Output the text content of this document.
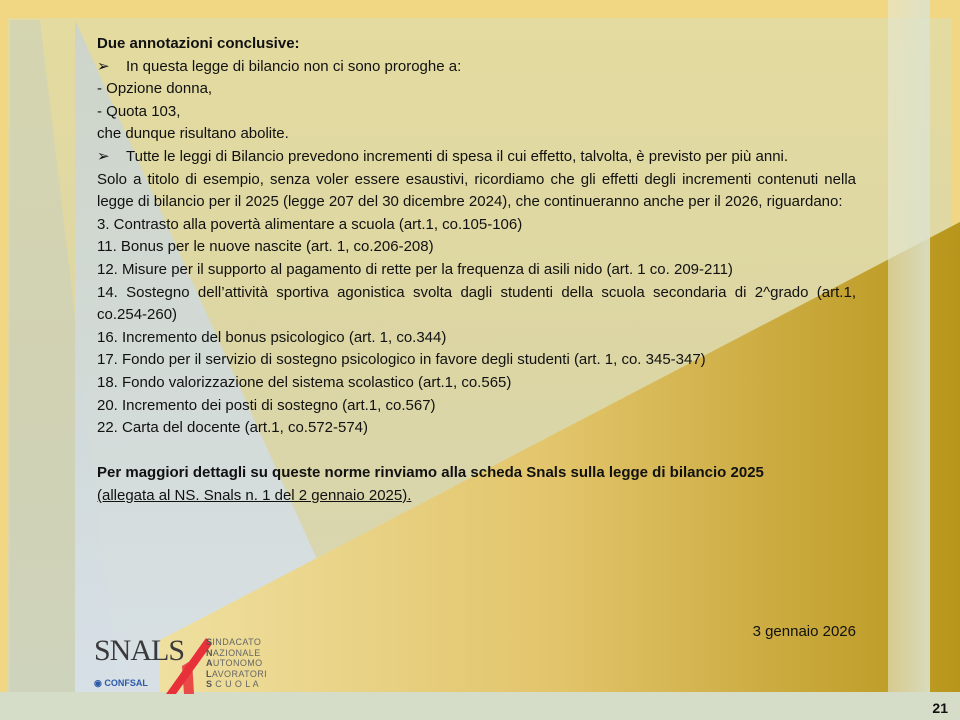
Due annotazioni conclusive:

➢	In questa legge di bilancio non ci sono proroghe a:

- Opzione donna,

- Quota 103,

che dunque risultano abolite.

➢	Tutte le leggi di Bilancio prevedono incrementi di spesa il cui effetto, talvolta, è previsto per più anni.

Solo a titolo di esempio, senza voler essere esaustivi, ricordiamo che gli effetti degli incrementi contenuti nella legge di bilancio per il 2025 (legge 207 del 30 dicembre 2024), che continueranno anche per il 2026, riguardano:

3. Contrasto alla povertà alimentare a scuola (art.1, co.105-106)

11. Bonus per le nuove nascite (art. 1, co.206-208)

12. Misure per il supporto al pagamento di rette per la frequenza di asili nido (art. 1 co. 209-211)

14. Sostegno dell’attività sportiva agonistica svolta dagli studenti della scuola secondaria di 2^grado (art.1, co.254-260)

16. Incremento del bonus psicologico (art. 1, co.344)

17. Fondo per il servizio di sostegno psicologico in favore degli studenti (art. 1, co. 345-347)

18. Fondo valorizzazione del sistema scolastico (art.1, co.565)

20. Incremento dei posti di sostegno (art.1, co.567)

22. Carta del docente (art.1, co.572-574)

Per maggiori dettagli su queste norme rinviamo alla scheda Snals sulla legge di bilancio 2025

(allegata al NS. Snals n. 1 del 2 gennaio 2025).

3 gennaio 2026
21
SNALS
◉ CONFSAL
SINDACATO
NAZIONALE
AUTONOMO
LAVORATORI
S C U O L A
